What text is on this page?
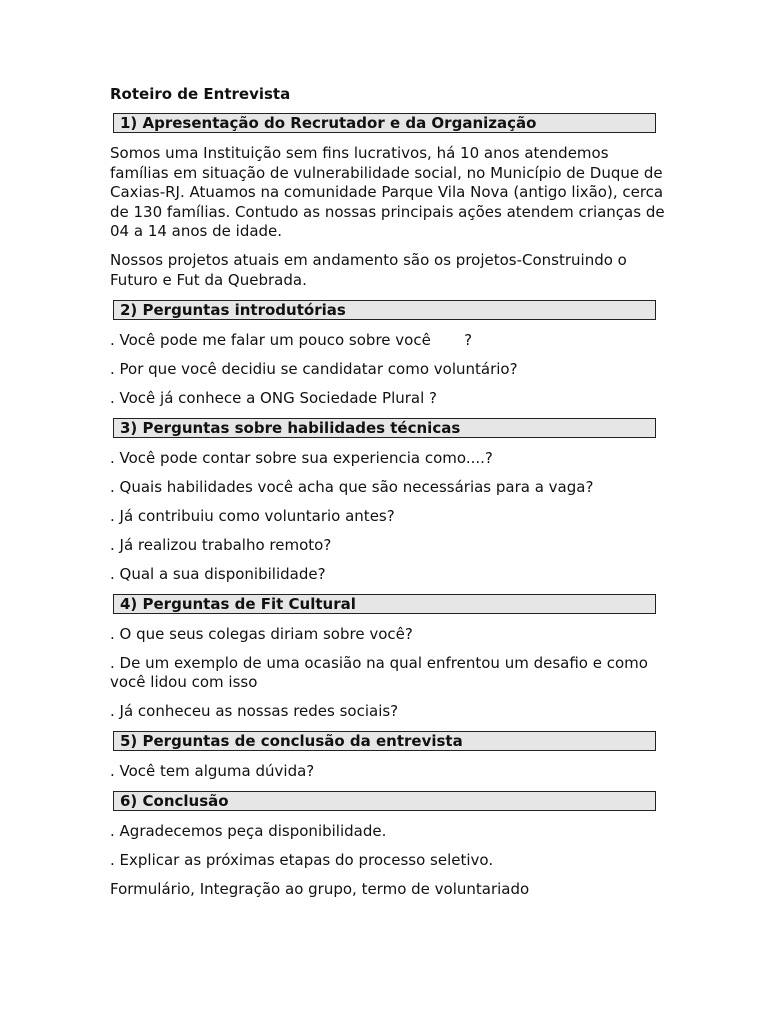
Roteiro de Entrevista
1) Apresentação do Recrutador e da Organização

Somos uma Instituição sem fins lucrativos, há 10 anos atendemos famílias em situação de vulnerabilidade social, no Município de Duque de Caxias-RJ. Atuamos na comunidade Parque Vila Nova (antigo lixão), cerca de 130 famílias. Contudo as nossas principais ações atendem crianças de 04 a 14 anos de idade.

Nossos projetos atuais em andamento são os projetos-Construindo o Futuro e Fut da Quebrada.

2) Perguntas introdutórias

. Você pode me falar um pouco sobre você       ?

. Por que você decidiu se candidatar como voluntário?

. Você já conhece a ONG Sociedade Plural ?

3) Perguntas sobre habilidades técnicas

. Você pode contar sobre sua experiencia como....?

. Quais habilidades você acha que são necessárias para a vaga?

. Já contribuiu como voluntario antes?

. Já realizou trabalho remoto?

. Qual a sua disponibilidade?

4) Perguntas de Fit Cultural

. O que seus colegas diriam sobre você?

. De um exemplo de uma ocasião na qual enfrentou um desafio e como você lidou com isso

. Já conheceu as nossas redes sociais?

5) Perguntas de conclusão da entrevista

. Você tem alguma dúvida?

6) Conclusão

. Agradecemos peça disponibilidade.

. Explicar as próximas etapas do processo seletivo.

Formulário, Integração ao grupo, termo de voluntariado
